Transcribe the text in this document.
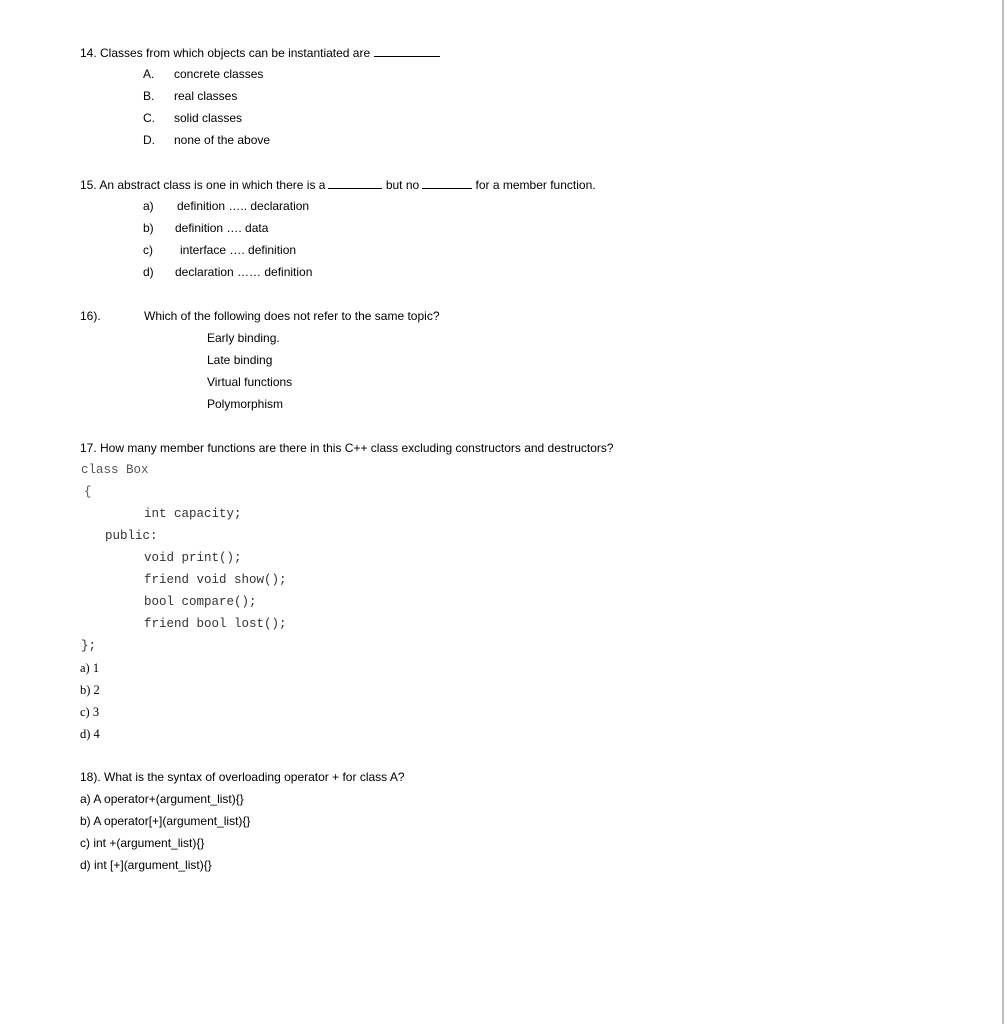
14. Classes from which objects can be instantiated are
A. concrete classes
B. real classes
C. solid classes
D. none of the above
15. An abstract class is one in which there is a	but no	for a member function.
a) definition ….. declaration
b) definition …. data
c) interface …. definition
d) declaration …… definition
16).	Which of the following does not refer to the same topic?
Early binding.
Late binding
Virtual functions
Polymorphism
17. How many member functions are there in this C++ class excluding constructors and destructors?
class Box
{
int capacity;
public:
void print();
friend void show();
bool compare();
friend bool lost();
};
a) 1
b) 2
c) 3
d) 4
18). What is the syntax of overloading operator + for class A?
a) A operator+(argument_list){}
b) A operator[+](argument_list){}
c) int +(argument_list){}
d) int [+](argument_list){}
